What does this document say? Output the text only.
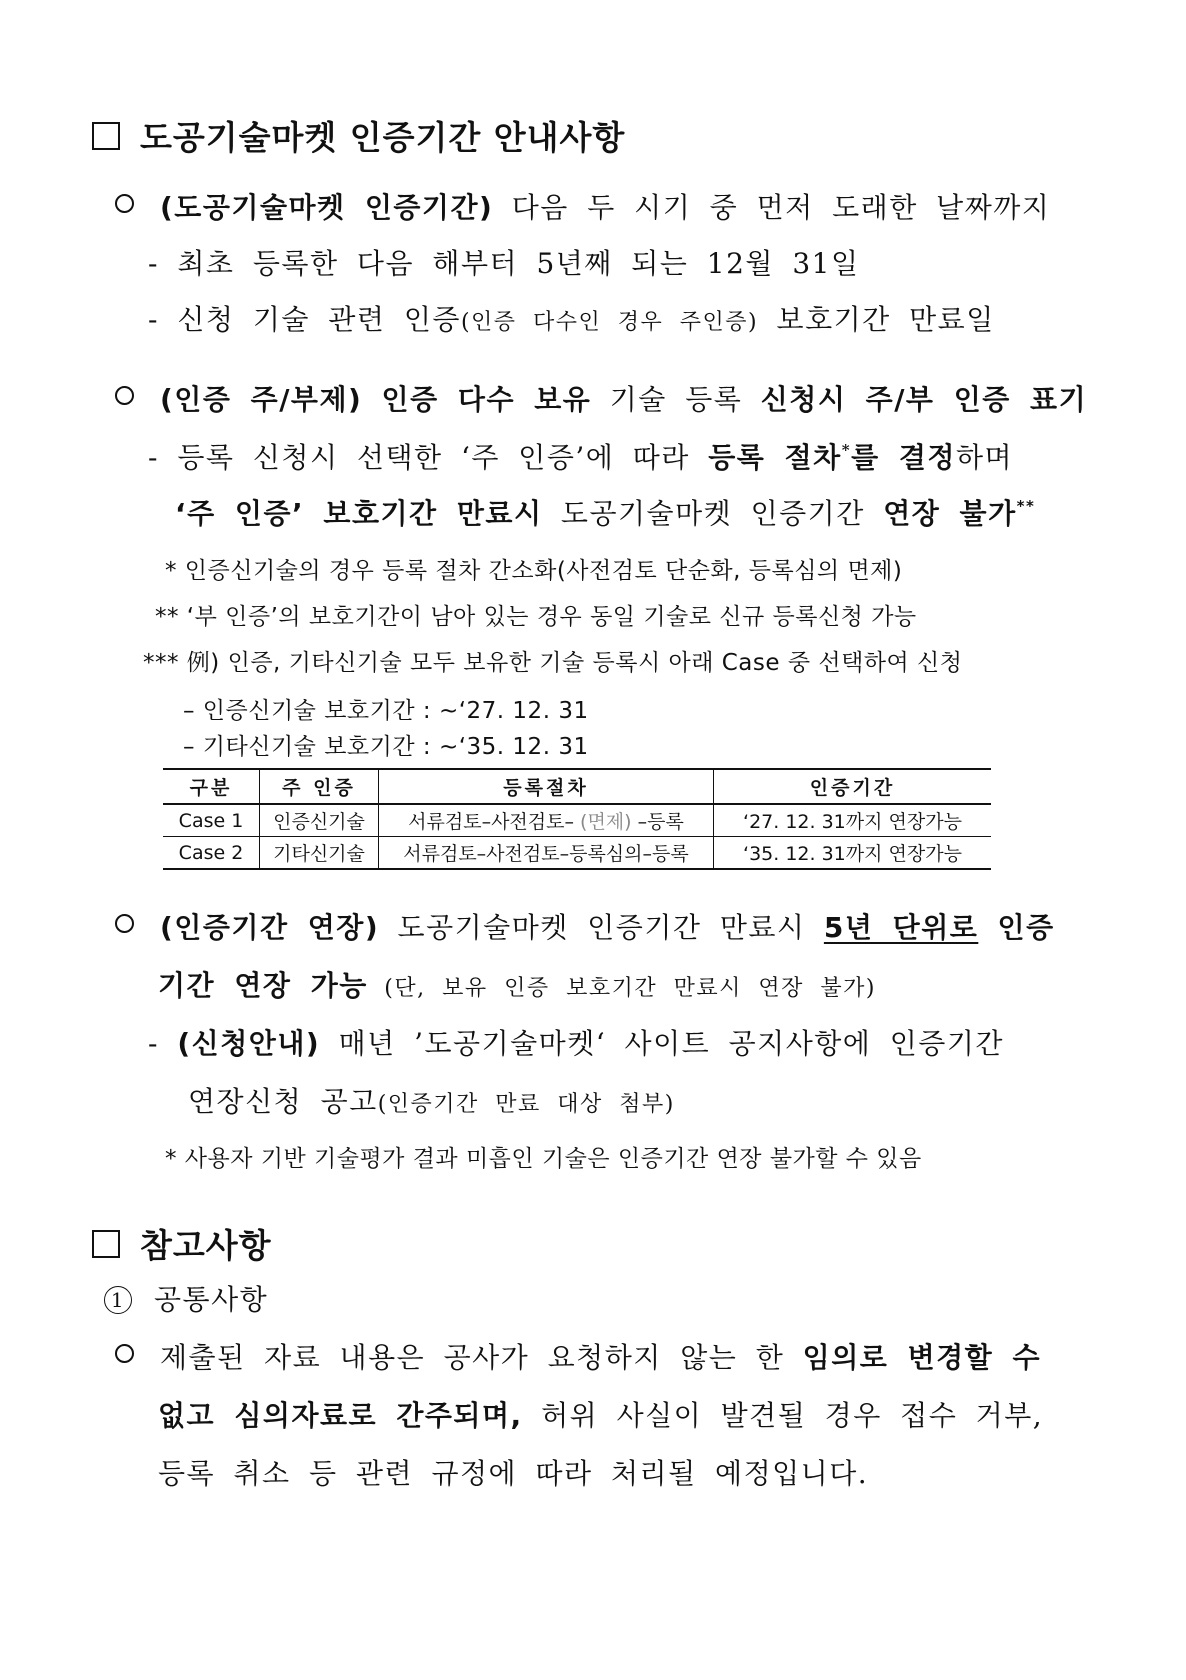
도공기술마켓 인증기간 안내사항
(도공기술마켓 인증기간) 다음 두 시기 중 먼저 도래한 날짜까지
- 최초 등록한 다음 해부터 5년째 되는 12월 31일
- 신청 기술 관련 인증(인증 다수인 경우 주인증) 보호기간 만료일
(인증 주/부제) 인증 다수 보유 기술 등록 신청시 주/부 인증 표기
- 등록 신청시 선택한 ‘주 인증’에 따라 등록 절차*를 결정하며
‘주 인증’ 보호기간 만료시 도공기술마켓 인증기간 연장 불가**
* 인증신기술의 경우 등록 절차 간소화(사전검토 단순화, 등록심의 면제)
** ‘부 인증’의 보호기간이 남아 있는 경우 동일 기술로 신규 등록신청 가능
*** 例) 인증, 기타신기술 모두 보유한 기술 등록시 아래 Case 중 선택하여 신청
– 인증신기술 보호기간 : ~‘27. 12. 31
– 기타신기술 보호기간 : ~‘35. 12. 31
구분	주 인증	등록절차	인증기간
Case 1	인증신기술	서류검토–사전검토– (면제) –등록	‘27. 12. 31까지 연장가능
Case 2	기타신기술	서류검토–사전검토–등록심의–등록	‘35. 12. 31까지 연장가능
(인증기간 연장) 도공기술마켓 인증기간 만료시 5년 단위로 인증
기간 연장 가능 (단, 보유 인증 보호기간 만료시 연장 불가)
- (신청안내) 매년 ’도공기술마켓‘ 사이트 공지사항에 인증기간
연장신청 공고(인증기간 만료 대상 첨부)
* 사용자 기반 기술평가 결과 미흡인 기술은 인증기간 연장 불가할 수 있음
참고사항
1 공통사항
제출된 자료 내용은 공사가 요청하지 않는 한 임의로 변경할 수
없고 심의자료로 간주되며, 허위 사실이 발견될 경우 접수 거부,
등록 취소 등 관련 규정에 따라 처리될 예정입니다.
